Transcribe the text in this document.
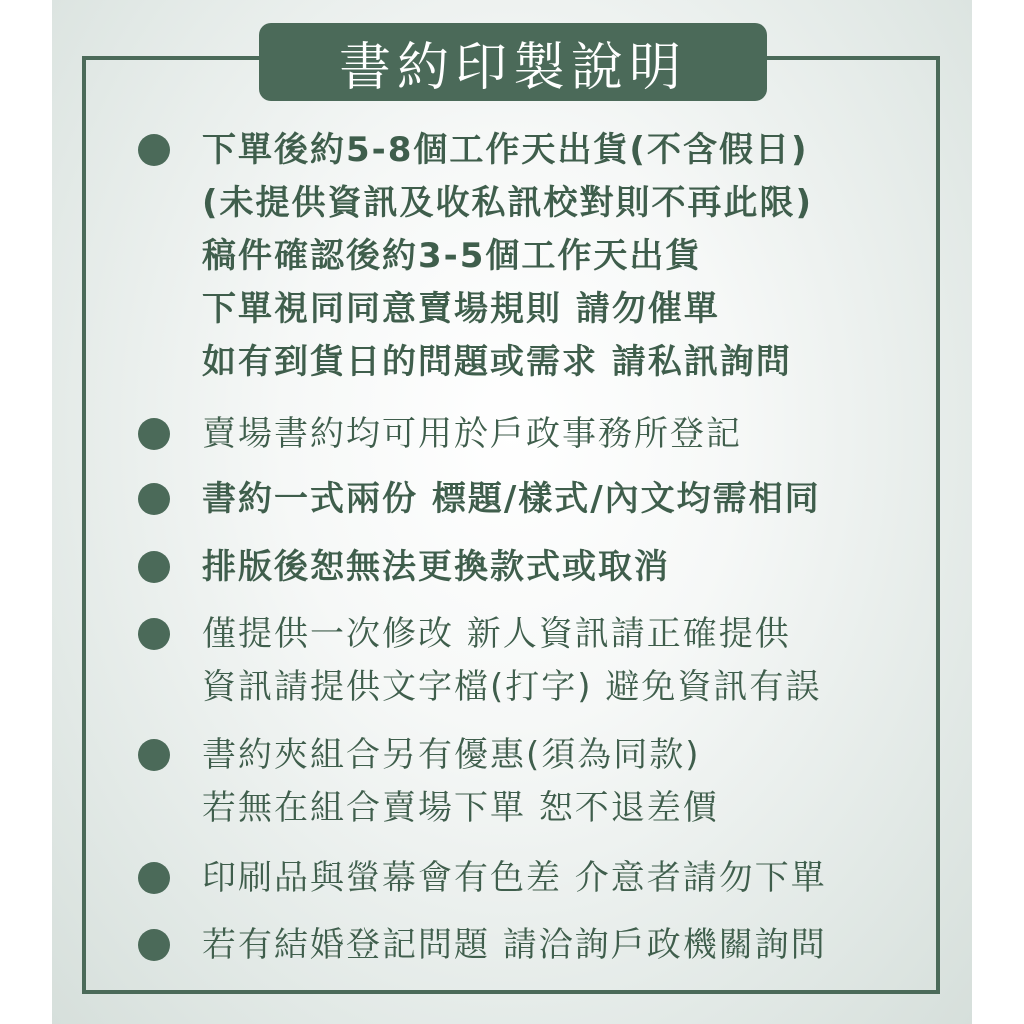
書約印製說明
下單後約5-8個工作天出貨(不含假日)
(未提供資訊及收私訊校對則不再此限)
稿件確認後約3-5個工作天出貨
下單視同同意賣場規則 請勿催單
如有到貨日的問題或需求 請私訊詢問
賣場書約均可用於戶政事務所登記
書約一式兩份 標題/樣式/內文均需相同
排版後恕無法更換款式或取消
僅提供一次修改 新人資訊請正確提供
資訊請提供文字檔(打字) 避免資訊有誤
書約夾組合另有優惠(須為同款)
若無在組合賣場下單 恕不退差價
印刷品與螢幕會有色差 介意者請勿下單
若有結婚登記問題 請洽詢戶政機關詢問
